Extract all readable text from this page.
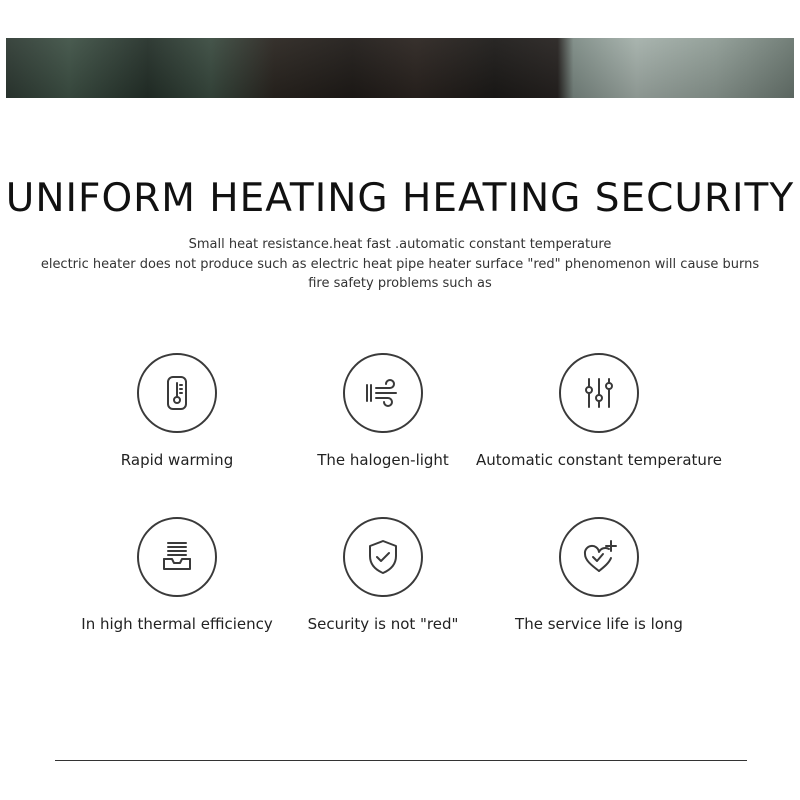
UNIFORM HEATING HEATING SECURITY
Small heat resistance.heat fast .automatic constant temperature
electric heater does not produce such as electric heat pipe heater surface "red" phenomenon will cause burns
fire safety problems such as
Rapid warming	The halogen-light	Automatic constant temperature
In high thermal efficiency	Security is not "red"	The service life is long
